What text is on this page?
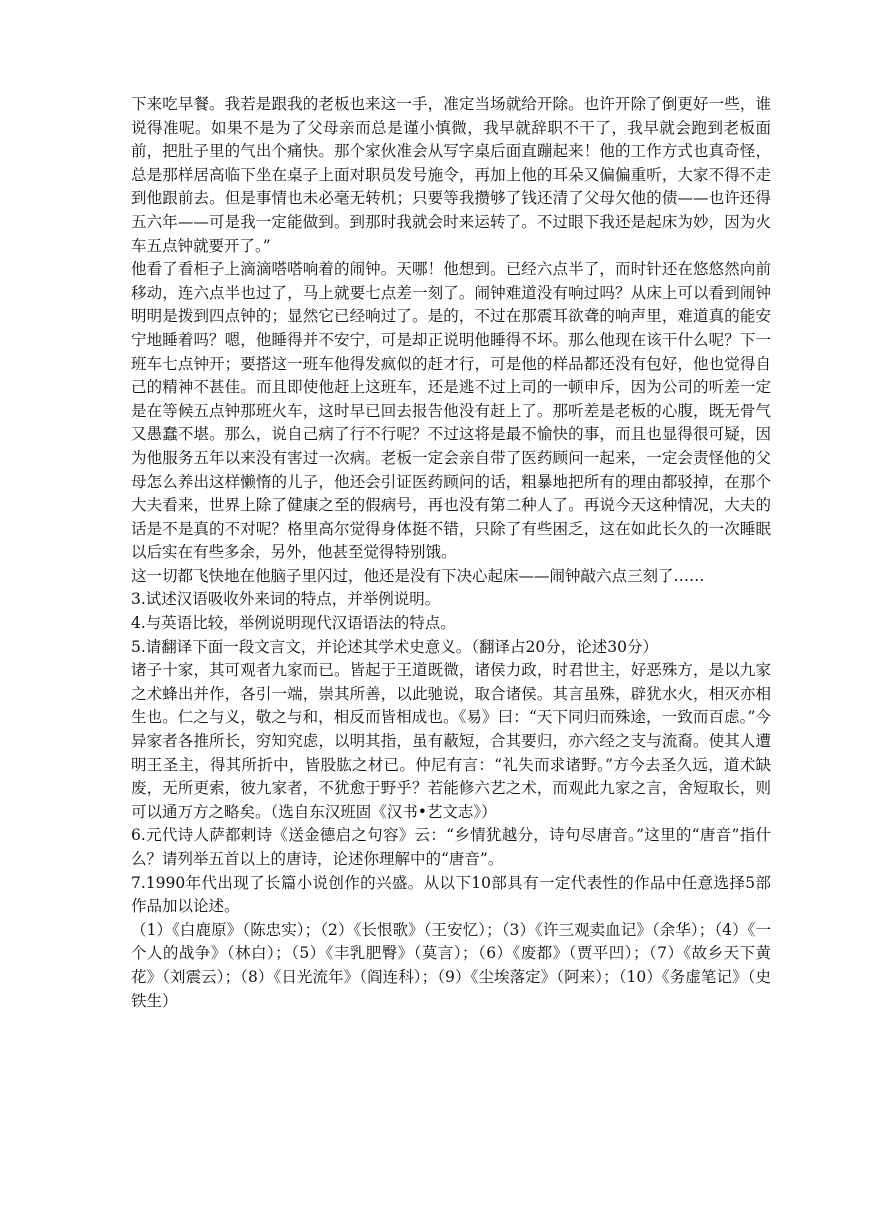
下来吃早餐。我若是跟我的老板也来这一手，准定当场就给开除。也许开除了倒更好一些，谁说得准呢。如果不是为了父母亲而总是谨小慎微，我早就辞职不干了，我早就会跑到老板面前，把肚子里的气出个痛快。那个家伙准会从写字桌后面直蹦起来！他的工作方式也真奇怪，总是那样居高临下坐在桌子上面对职员发号施令，再加上他的耳朵又偏偏重听，大家不得不走到他跟前去。但是事情也未必毫无转机；只要等我攒够了钱还清了父母欠他的债——也许还得五六年——可是我一定能做到。到那时我就会时来运转了。不过眼下我还是起床为妙，因为火车五点钟就要开了。”

他看了看柜子上滴滴嗒嗒响着的闹钟。天哪！他想到。已经六点半了，而时针还在悠悠然向前移动，连六点半也过了，马上就要七点差一刻了。闹钟难道没有响过吗？从床上可以看到闹钟明明是拨到四点钟的；显然它已经响过了。是的，不过在那震耳欲聋的响声里，难道真的能安宁地睡着吗？嗯，他睡得并不安宁，可是却正说明他睡得不坏。那么他现在该干什么呢？下一班车七点钟开；要搭这一班车他得发疯似的赶才行，可是他的样品都还没有包好，他也觉得自己的精神不甚佳。而且即使他赶上这班车，还是逃不过上司的一顿申斥，因为公司的听差一定是在等候五点钟那班火车，这时早已回去报告他没有赶上了。那听差是老板的心腹，既无骨气又愚蠢不堪。那么，说自己病了行不行呢？不过这将是最不愉快的事，而且也显得很可疑，因为他服务五年以来没有害过一次病。老板一定会亲自带了医药顾问一起来，一定会责怪他的父母怎么养出这样懒惰的儿子，他还会引证医药顾问的话，粗暴地把所有的理由都驳掉，在那个大夫看来，世界上除了健康之至的假病号，再也没有第二种人了。再说今天这种情况，大夫的话是不是真的不对呢？格里高尔觉得身体挺不错，只除了有些困乏，这在如此长久的一次睡眠以后实在有些多余，另外，他甚至觉得特别饿。

这一切都飞快地在他脑子里闪过，他还是没有下决心起床——闹钟敲六点三刻了……

3.试述汉语吸收外来词的特点，并举例说明。

4.与英语比较，举例说明现代汉语语法的特点。

5.请翻译下面一段文言文，并论述其学术史意义。（翻译占20分，论述30分）

诸子十家，其可观者九家而已。皆起于王道既微，诸侯力政，时君世主，好恶殊方，是以九家之术蜂出并作，各引一端，崇其所善，以此驰说，取合诸侯。其言虽殊，辟犹水火，相灭亦相生也。仁之与义，敬之与和，相反而皆相成也。《易》曰：“天下同归而殊途，一致而百虑。”今异家者各推所长，穷知究虑，以明其指，虽有蔽短，合其要归，亦六经之支与流裔。使其人遭明王圣主，得其所折中，皆股肱之材已。仲尼有言：“礼失而求诸野。”方今去圣久远，道术缺废，无所更索，彼九家者，不犹愈于野乎？若能修六艺之术，而观此九家之言，舍短取长，则可以通万方之略矣。（选自东汉班固《汉书•艺文志》）

6.元代诗人萨都剌诗《送金德启之句容》云：“乡情犹越分，诗句尽唐音。”这里的“唐音”指什么？请列举五首以上的唐诗，论述你理解中的“唐音”。

7.1990年代出现了长篇小说创作的兴盛。从以下10部具有一定代表性的作品中任意选择5部作品加以论述。

（1）《白鹿原》（陈忠实）；（2）《长恨歌》（王安忆）；（3）《许三观卖血记》（余华）；（4）《一个人的战争》（林白）；（5）《丰乳肥臀》（莫言）；（6）《废都》（贾平凹）；（7）《故乡天下黄花》（刘震云）；（8）《日光流年》（阎连科）；（9）《尘埃落定》（阿来）；（10）《务虚笔记》（史铁生）
